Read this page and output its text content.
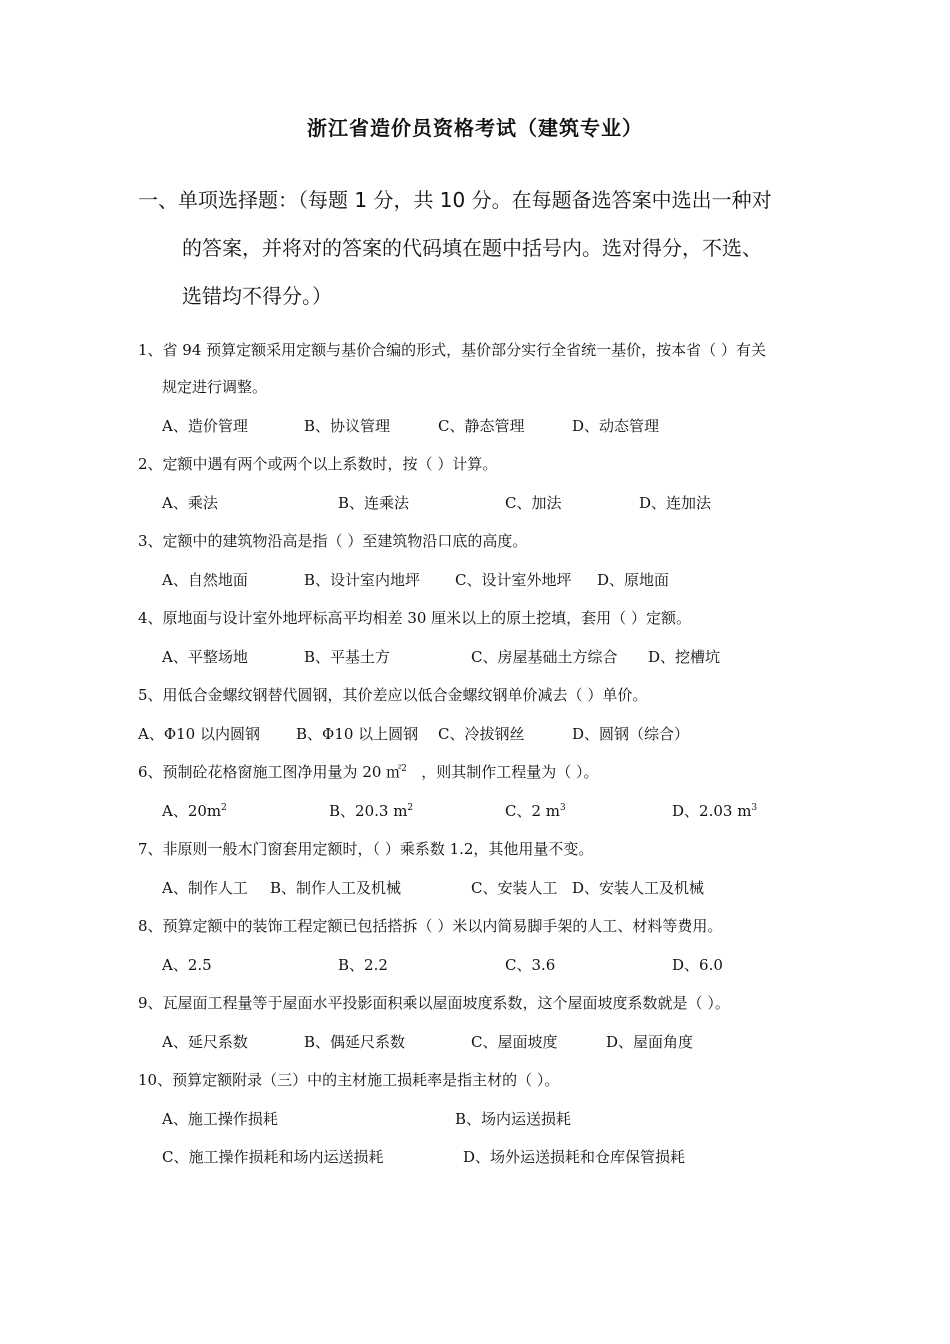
浙江省造价员资格考试（建筑专业）
一、单项选择题：（每题 1 分，共 10 分。在每题备选答案中选出一种对
的答案，并将对的答案的代码填在题中括号内。选对得分，不选、
选错均不得分。）
1、省 94 预算定额采用定额与基价合编的形式，基价部分实行全省统一基价，按本省（ ）有关
规定进行调整。
A、造价管理	B、协议管理	C、静态管理	D、动态管理
2、定额中遇有两个或两个以上系数时，按（ ）计算。
A、乘法	B、连乘法	C、加法	D、连加法
3、定额中的建筑物沿高是指（ ）至建筑物沿口底的高度。
A、自然地面	B、设计室内地坪 C、设计室外地坪 D、原地面
4、原地面与设计室外地坪标高平均相差 30 厘米以上的原土挖填，套用（ ）定额。
A、平整场地	B、平基土方	C、房屋基础土方综合 D、挖槽坑
5、用低合金螺纹钢替代圆钢，其价差应以低合金螺纹钢单价减去（ ）单价。
A、Φ10 以内圆钢 B、Φ10 以上圆钢 C、冷拔钢丝	D、圆钢（综合）
6、预制砼花格窗施工图净用量为 20 ㎡$^2$ ，则其制作工程量为（ ）。
A、$20m^2$	B、20.3 $m^2$	C、2 $m^3$	D、2.03 $m^3$
7、非原则一般木门窗套用定额时，（ ）乘系数 1.2，其他用量不变。
A、制作人工 B、制作人工及机械	C、安装人工 D、安装人工及机械
8、预算定额中的装饰工程定额已包括搭拆（ ）米以内简易脚手架的人工、材料等费用。
A、2.5	B、2.2	C、3.6	D、6.0
9、瓦屋面工程量等于屋面水平投影面积乘以屋面坡度系数，这个屋面坡度系数就是（ ）。
A、延尺系数	B、偶延尺系数	C、屋面坡度	D、屋面角度
10、预算定额附录（三）中的主材施工损耗率是指主材的（ ）。
A、施工操作损耗	B、场内运送损耗
C、施工操作损耗和场内运送损耗	D、场外运送损耗和仓库保管损耗
